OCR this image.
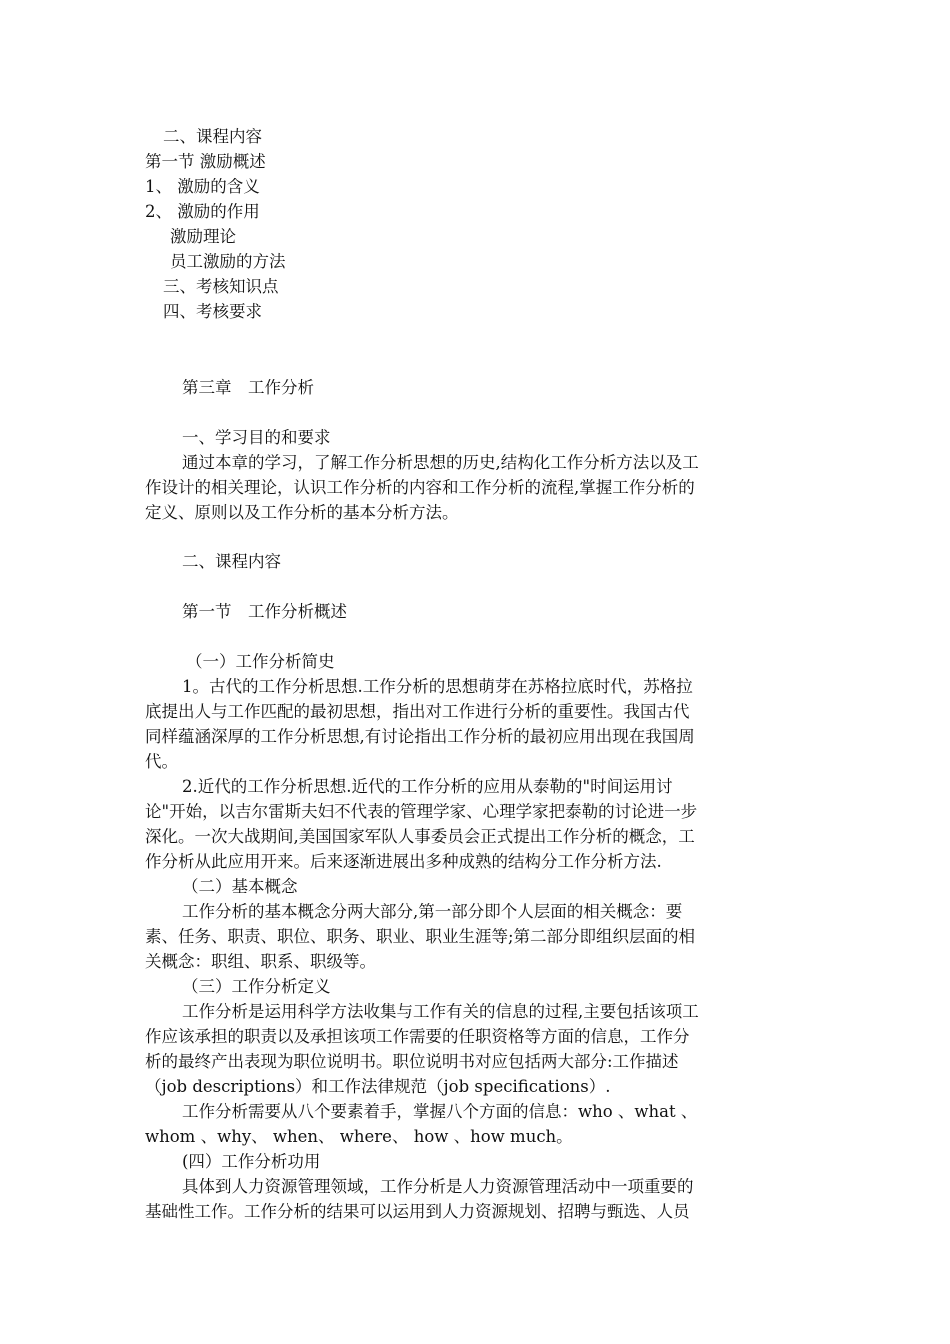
二、课程内容

第一节 激励概述

1、 激励的含义

2、 激励的作用

激励理论

员工激励的方法

三、考核知识点

四、考核要求

第三章　工作分析

一、学习目的和要求

通过本章的学习，了解工作分析思想的历史,结构化工作分析方法以及工

作设计的相关理论，认识工作分析的内容和工作分析的流程,掌握工作分析的

定义、原则以及工作分析的基本分析方法。

二、课程内容

第一节　工作分析概述

（一）工作分析简史

1。古代的工作分析思想.工作分析的思想萌芽在苏格拉底时代，苏格拉

底提出人与工作匹配的最初思想，指出对工作进行分析的重要性。我国古代

同样蕴涵深厚的工作分析思想,有讨论指出工作分析的最初应用出现在我国周

代。

2.近代的工作分析思想.近代的工作分析的应用从泰勒的"时间运用讨

论"开始，以吉尔雷斯夫妇不代表的管理学家、心理学家把泰勒的讨论进一步

深化。一次大战期间,美国国家军队人事委员会正式提出工作分析的概念，工

作分析从此应用开来。后来逐渐进展出多种成熟的结构分工作分析方法.

（二）基本概念

工作分析的基本概念分两大部分,第一部分即个人层面的相关概念：要

素、任务、职责、职位、职务、职业、职业生涯等;第二部分即组织层面的相

关概念：职组、职系、职级等。

（三）工作分析定义

工作分析是运用科学方法收集与工作有关的信息的过程,主要包括该项工

作应该承担的职责以及承担该项工作需要的任职资格等方面的信息，工作分

析的最终产出表现为职位说明书。职位说明书对应包括两大部分:工作描述

（job descriptions）和工作法律规范（job specifications）.

工作分析需要从八个要素着手，掌握八个方面的信息：who 、what 、

whom 、why、 when、 where、 how 、how much。

(四）工作分析功用

具体到人力资源管理领域，工作分析是人力资源管理活动中一项重要的

基础性工作。工作分析的结果可以运用到人力资源规划、招聘与甄选、人员
